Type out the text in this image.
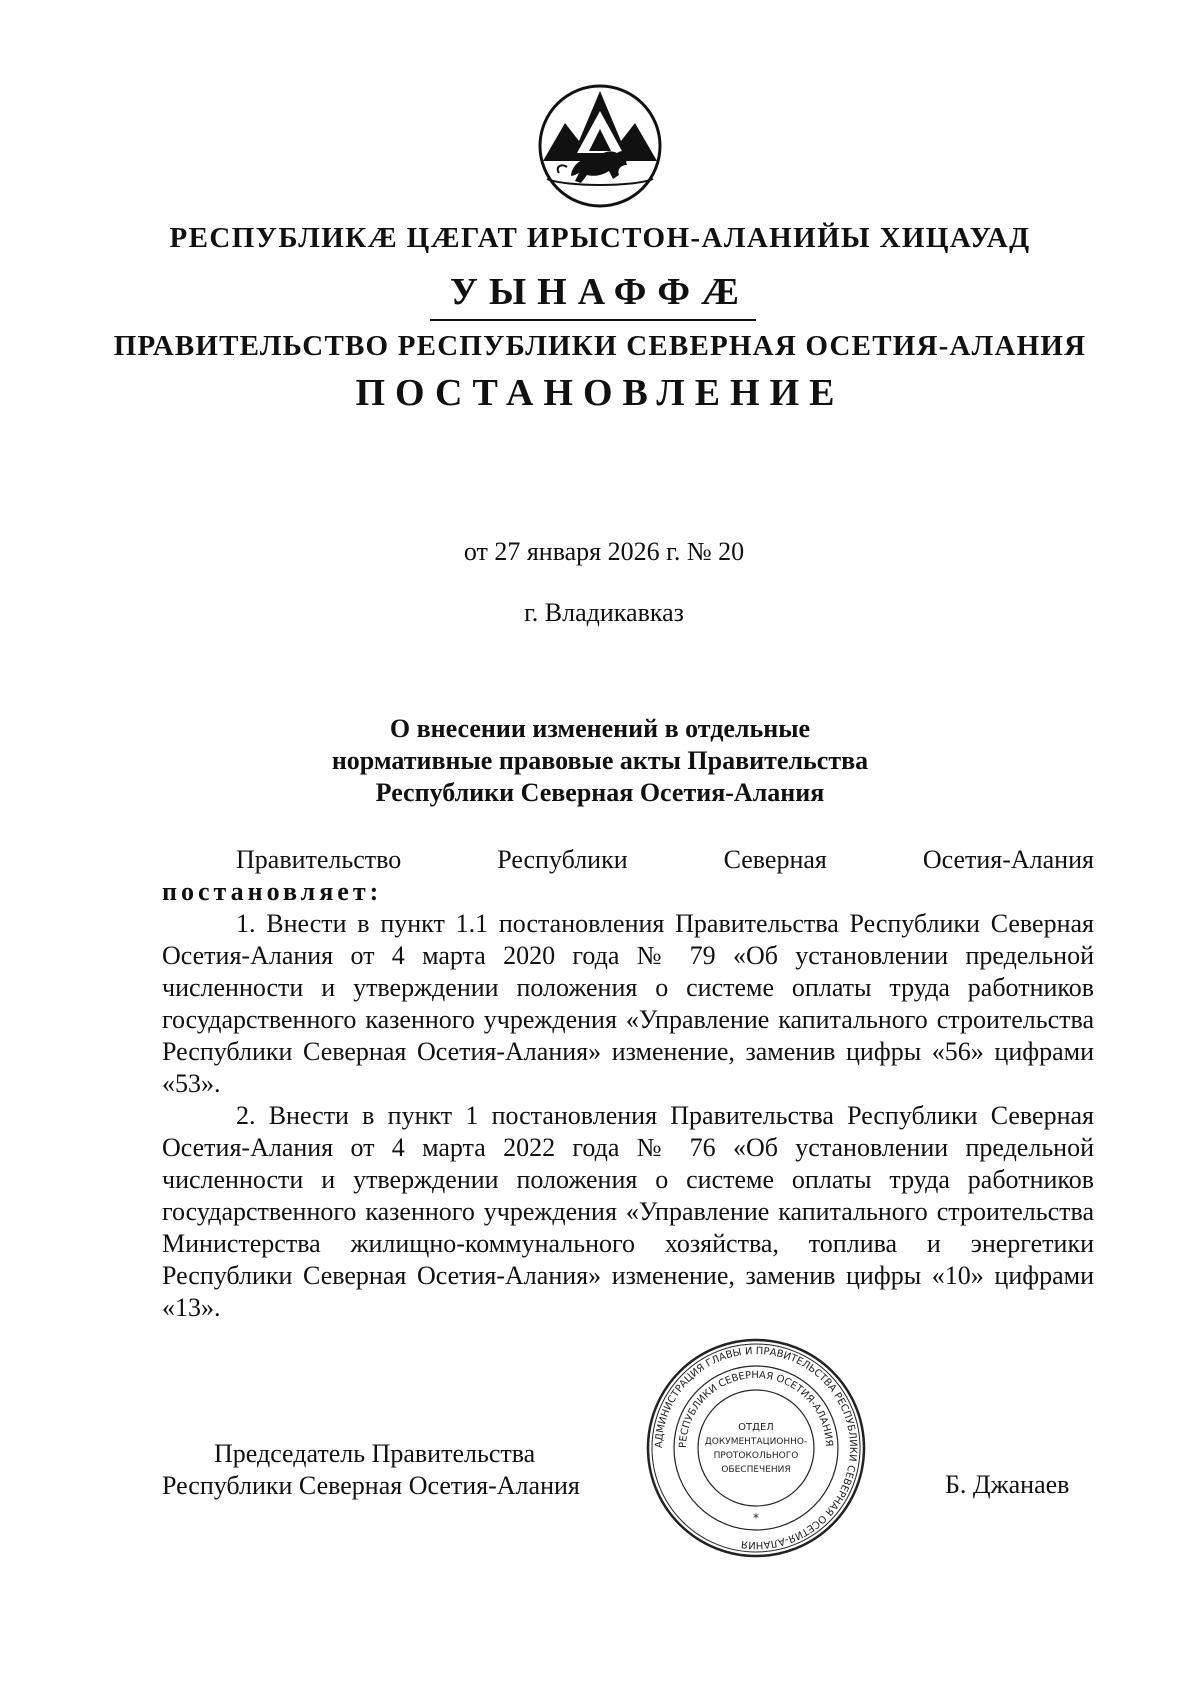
РЕСПУБЛИКӔ ЦӔГАТ ИРЫСТОН-АЛАНИЙЫ ХИЦАУАД
УЫНАФФӔ
ПРАВИТЕЛЬСТВО РЕСПУБЛИКИ СЕВЕРНАЯ ОСЕТИЯ-АЛАНИЯ
ПОСТАНОВЛЕНИЕ
от 27 января 2026 г. № 20
г. Владикавказ
О внесении изменений в отдельные
нормативные правовые акты Правительства
Республики Северная Осетия-Алания
Правительство	Республики	Северная	Осетия-Алания
постановляет:

1. Внести в пункт 1.1 постановления Правительства Республики Северная Осетия-Алания от 4 марта 2020 года № 79 «Об установлении предельной численности и утверждении положения о системе оплаты труда работников государственного казенного учреждения «Управление капитального строительства Республики Северная Осетия-Алания» изменение, заменив цифры «56» цифрами «53».

2. Внести в пункт 1 постановления Правительства Республики Северная Осетия-Алания от 4 марта 2022 года № 76 «Об установлении предельной численности и утверждении положения о системе оплаты труда работников государственного казенного учреждения «Управление капитального строительства Министерства жилищно-коммунального хозяйства, топлива и энергетики Республики Северная Осетия-Алания» изменение, заменив цифры «10» цифрами «13».

Председатель Правительства
Республики Северная Осетия-Алания	Б. Джанаев
АДМИНИСТРАЦИЯ ГЛАВЫ И ПРАВИТЕЛЬСТВА РЕСПУБЛИКИ СЕВЕРНАЯ ОСЕТИЯ-АЛАНИЯ
РЕСПУБЛИКИ СЕВЕРНАЯ ОСЕТИЯ-АЛАНИЯ
ОТДЕЛ
ДОКУМЕНТАЦИОННО-
ПРОТОКОЛЬНОГО
ОБЕСПЕЧЕНИЯ
*
